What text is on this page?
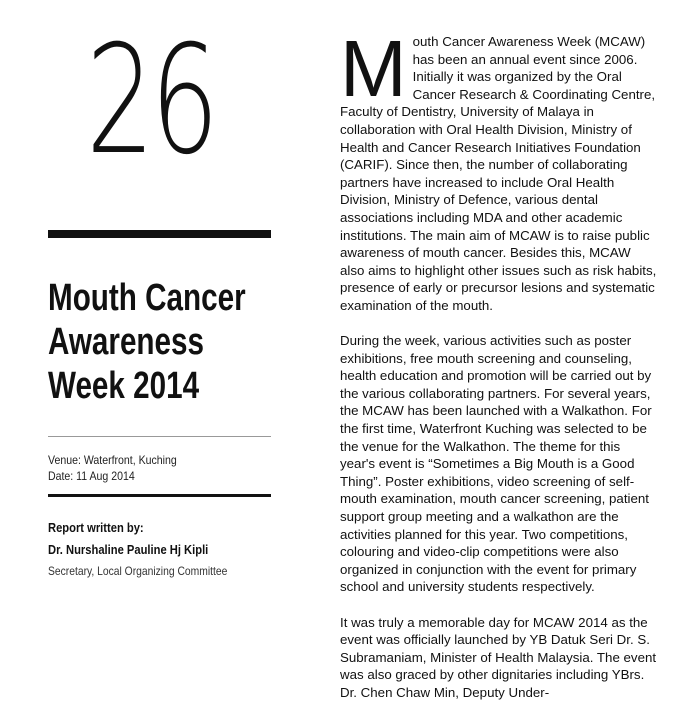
26
Mouth Cancer
Awareness
Week 2014
Venue: Waterfront, Kuching
Date: 11 Aug 2014
Report written by:
Dr. Nurshaline Pauline Hj Kipli
Secretary, Local Organizing Committee

Mouth Cancer Awareness Week (MCAW) has been an annual event since 2006. Initially it was organized by the Oral Cancer Research & Coordinating Centre, Faculty of Dentistry, University of Malaya in collaboration with Oral Health Division, Ministry of Health and Cancer Research Initiatives Foundation (CARIF). Since then, the number of collaborating partners have increased to include Oral Health Division, Ministry of Defence, various dental associations including MDA and other academic institutions. The main aim of MCAW is to raise public awareness of mouth cancer. Besides this, MCAW also aims to highlight other issues such as risk habits, presence of early or precursor lesions and systematic examination of the mouth.

During the week, various activities such as poster exhibitions, free mouth screening and counseling, health education and promotion will be carried out by the various collaborating partners. For several years, the MCAW has been launched with a Walkathon. For the first time, Waterfront Kuching was selected to be the venue for the Walkathon. The theme for this year's event is “Sometimes a Big Mouth is a Good Thing”. Poster exhibitions, video screening of self-mouth examination, mouth cancer screening, patient support group meeting and a walkathon are the activities planned for this year. Two competitions, colouring and video-clip competitions were also organized in conjunction with the event for primary school and university students respectively.

It was truly a memorable day for MCAW 2014 as the event was officially launched by YB Datuk Seri Dr. S. Subramaniam, Minister of Health Malaysia. The event was also graced by other dignitaries including YBrs. Dr. Chen Chaw Min, Deputy Under-
